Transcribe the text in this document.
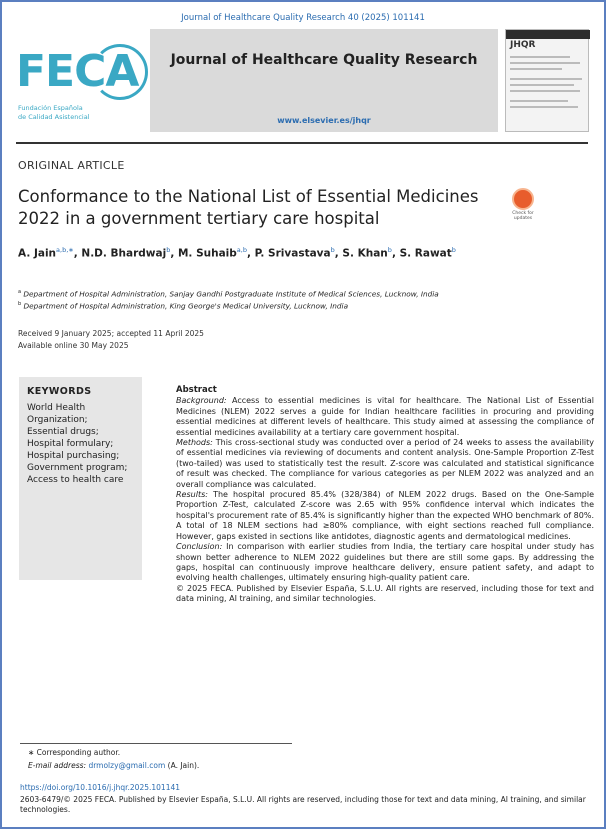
Journal of Healthcare Quality Research 40 (2025) 101141
FECA
Fundación Española
de Calidad Asistencial
Journal of Healthcare Quality Research
www.elsevier.es/jhqr
JHQR
ORIGINAL ARTICLE
Conformance to the National List of Essential Medicines 2022 in a government tertiary care hospital	Check for updates
A. Jain$^{a,b,∗}$, N.D. Bhardwaj$^b$, M. Suhaib$^{a,b}$, P. Srivastava$^b$, S. Khan$^b$, S. Rawat$^b$
$^a$ Department of Hospital Administration, Sanjay Gandhi Postgraduate Institute of Medical Sciences, Lucknow, India
$^b$ Department of Hospital Administration, King George's Medical University, Lucknow, India
Received 9 January 2025; accepted 11 April 2025
Available online 30 May 2025
KEYWORDS
World Health Organization;
Essential drugs;
Hospital formulary;
Hospital purchasing;
Government program;
Access to health care
Abstract

Background: Access to essential medicines is vital for healthcare. The National List of Essential Medicines (NLEM) 2022 serves a guide for Indian healthcare facilities in procuring and providing essential medicines at different levels of healthcare. This study aimed at assessing the compliance of essential medicines availability at a tertiary care government hospital.

Methods: This cross-sectional study was conducted over a period of 24 weeks to assess the availability of essential medicines via reviewing of documents and content analysis. One-Sample Proportion Z-Test (two-tailed) was used to statistically test the result. Z-score was calculated and statistical significance of result was checked. The compliance for various categories as per NLEM 2022 was analyzed and an overall compliance was calculated.

Results: The hospital procured 85.4% (328/384) of NLEM 2022 drugs. Based on the One-Sample Proportion Z-Test, calculated Z-score was 2.65 with 95% confidence interval which indicates the hospital's procurement rate of 85.4% is significantly higher than the expected WHO benchmark of 80%. A total of 18 NLEM sections had ≥80% compliance, with eight sections reached full compliance. However, gaps existed in sections like antidotes, diagnostic agents and dermatological medicines.

Conclusion: In comparison with earlier studies from India, the tertiary care hospital under study has shown better adherence to NLEM 2022 guidelines but there are still some gaps. By addressing the gaps, hospital can continuously improve healthcare delivery, ensure patient safety, and adapt to evolving health challenges, ultimately ensuring high-quality patient care.

© 2025 FECA. Published by Elsevier España, S.L.U. All rights are reserved, including those for text and data mining, AI training, and similar technologies.

∗ Corresponding author.
E-mail address: drmolzy@gmail.com (A. Jain).
https://doi.org/10.1016/j.jhqr.2025.101141
2603-6479/© 2025 FECA. Published by Elsevier España, S.L.U. All rights are reserved, including those for text and data mining, AI training, and similar technologies.
